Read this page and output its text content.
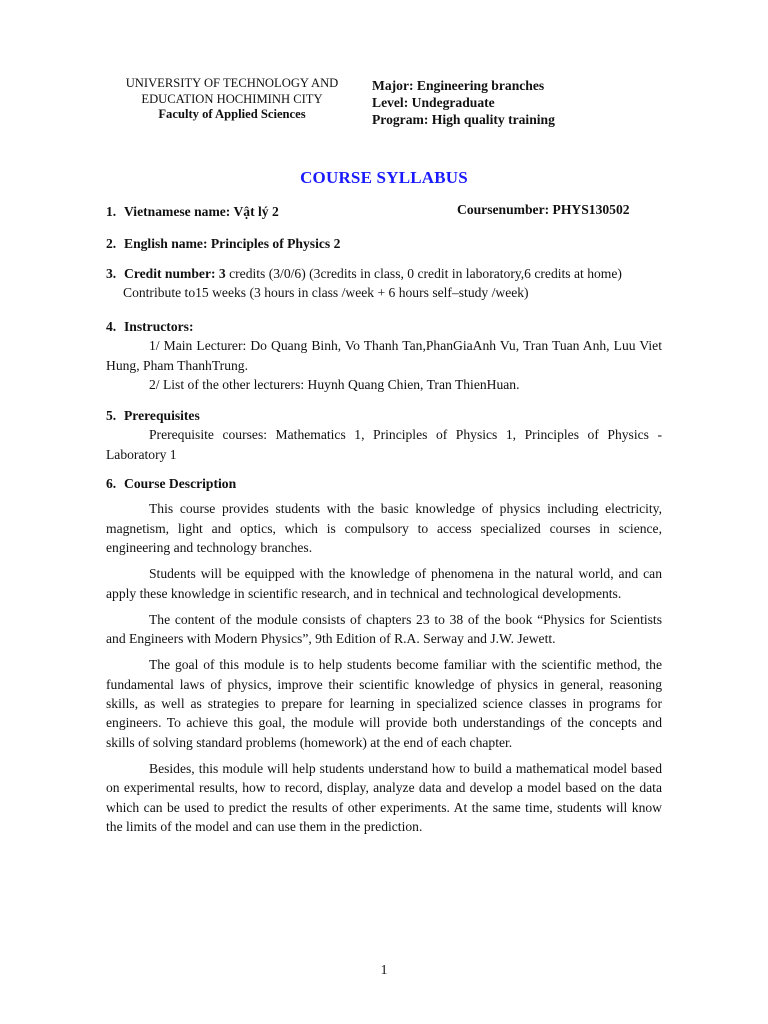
UNIVERSITY OF TECHNOLOGY AND
EDUCATION HOCHIMINH CITY
Faculty of Applied Sciences
Major: Engineering branches
Level: Undegraduate
Program: High quality training
COURSE SYLLABUS
1. Vietnamese name: Vật lý 2	Coursenumber: PHYS130502
2. English name: Principles of Physics 2
3. Credit number: 3 credits (3/0/6) (3credits in class, 0 credit in laboratory,6 credits at home)
Contribute to15 weeks (3 hours in class /week + 6 hours self–study /week)
4. Instructors:

1/ Main Lecturer: Do Quang Binh, Vo Thanh Tan,PhanGiaAnh Vu, Tran Tuan Anh, Luu Viet Hung, Pham ThanhTrung.

2/ List of the other lecturers: Huynh Quang Chien, Tran ThienHuan.

5. Prerequisites

Prerequisite courses: Mathematics 1, Principles of Physics 1, Principles of Physics - Laboratory 1

6. Course Description

This course provides students with the basic knowledge of physics including electricity, magnetism, light and optics, which is compulsory to access specialized courses in science, engineering and technology branches.

Students will be equipped with the knowledge of phenomena in the natural world, and can apply these knowledge in scientific research, and in technical and technological developments.

The content of the module consists of chapters 23 to 38 of the book “Physics for Scientists and Engineers with Modern Physics”, 9th Edition of R.A. Serway and J.W. Jewett.

The goal of this module is to help students become familiar with the scientific method, the fundamental laws of physics, improve their scientific knowledge of physics in general, reasoning skills, as well as strategies to prepare for learning in specialized science classes in programs for engineers. To achieve this goal, the module will provide both understandings of the concepts and skills of solving standard problems (homework) at the end of each chapter.

Besides, this module will help students understand how to build a mathematical model based on experimental results, how to record, display, analyze data and develop a model based on the data which can be used to predict the results of other experiments. At the same time, students will know the limits of the model and can use them in the prediction.

1
